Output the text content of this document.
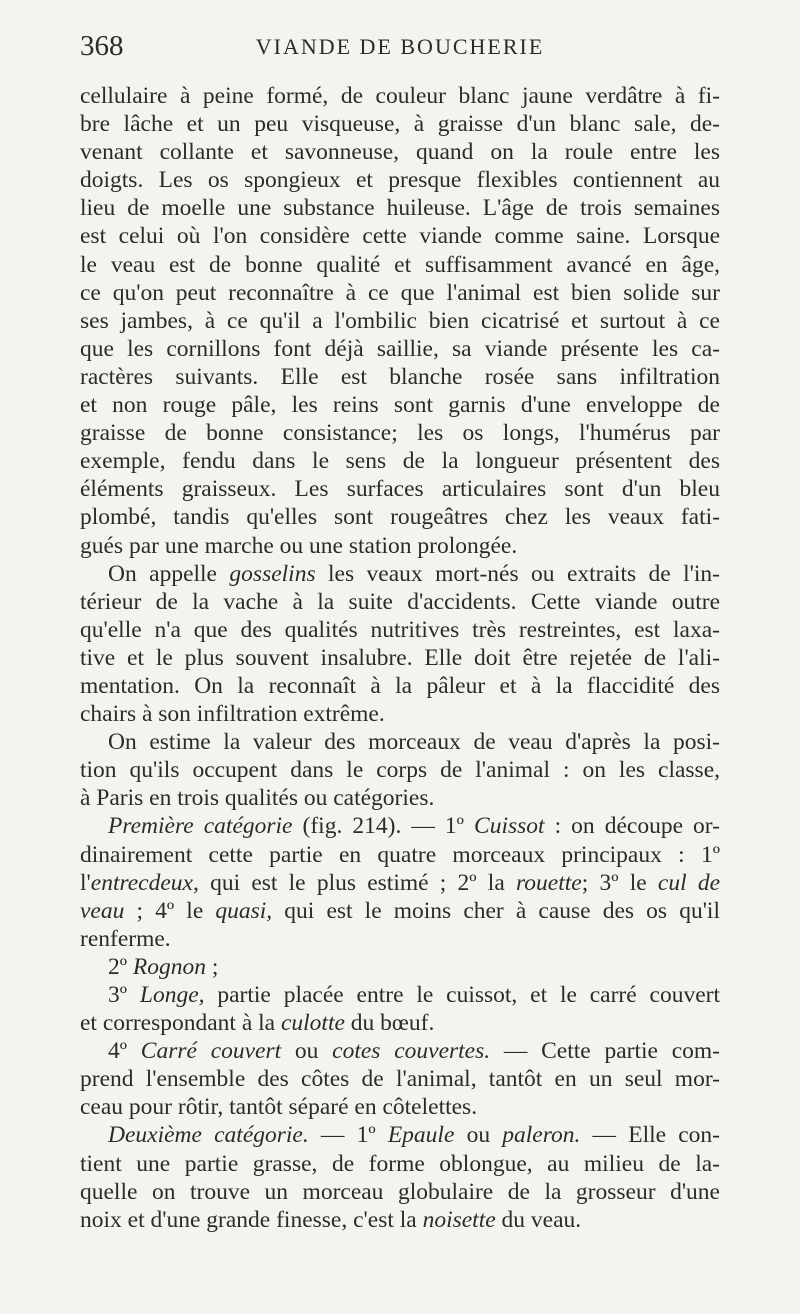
368	VIANDE DE BOUCHERIE
cellulaire à peine formé, de couleur blanc jaune verdâtre à fi-
bre lâche et un peu visqueuse, à graisse d'un blanc sale, de-
venant collante et savonneuse, quand on la roule entre les
doigts. Les os spongieux et presque flexibles contiennent au
lieu de moelle une substance huileuse. L'âge de trois semaines
est celui où l'on considère cette viande comme saine. Lorsque
le veau est de bonne qualité et suffisamment avancé en âge,
ce qu'on peut reconnaître à ce que l'animal est bien solide sur
ses jambes, à ce qu'il a l'ombilic bien cicatrisé et surtout à ce
que les cornillons font déjà saillie, sa viande présente les ca-
ractères suivants. Elle est blanche rosée sans infiltration
et non rouge pâle, les reins sont garnis d'une enveloppe de
graisse de bonne consistance; les os longs, l'humérus par
exemple, fendu dans le sens de la longueur présentent des
éléments graisseux. Les surfaces articulaires sont d'un bleu
plombé, tandis qu'elles sont rougeâtres chez les veaux fati-
gués par une marche ou une station prolongée.
On appelle gosselins les veaux mort-nés ou extraits de l'in-
térieur de la vache à la suite d'accidents. Cette viande outre
qu'elle n'a que des qualités nutritives très restreintes, est laxa-
tive et le plus souvent insalubre. Elle doit être rejetée de l'ali-
mentation. On la reconnaît à la pâleur et à la flaccidité des
chairs à son infiltration extrême.
On estime la valeur des morceaux de veau d'après la posi-
tion qu'ils occupent dans le corps de l'animal : on les classe,
à Paris en trois qualités ou catégories.
Première catégorie (fig. 214). — 1º Cuissot : on découpe or-
dinairement cette partie en quatre morceaux principaux : 1º
l'entrecdeux, qui est le plus estimé ; 2º la rouette; 3º le cul de
veau ; 4º le quasi, qui est le moins cher à cause des os qu'il
renferme.
2º Rognon ;
3º Longe, partie placée entre le cuissot, et le carré couvert
et correspondant à la culotte du bœuf.
4º Carré couvert ou cotes couvertes. — Cette partie com-
prend l'ensemble des côtes de l'animal, tantôt en un seul mor-
ceau pour rôtir, tantôt séparé en côtelettes.
Deuxième catégorie. — 1º Epaule ou paleron. — Elle con-
tient une partie grasse, de forme oblongue, au milieu de la-
quelle on trouve un morceau globulaire de la grosseur d'une
noix et d'une grande finesse, c'est la noisette du veau.
